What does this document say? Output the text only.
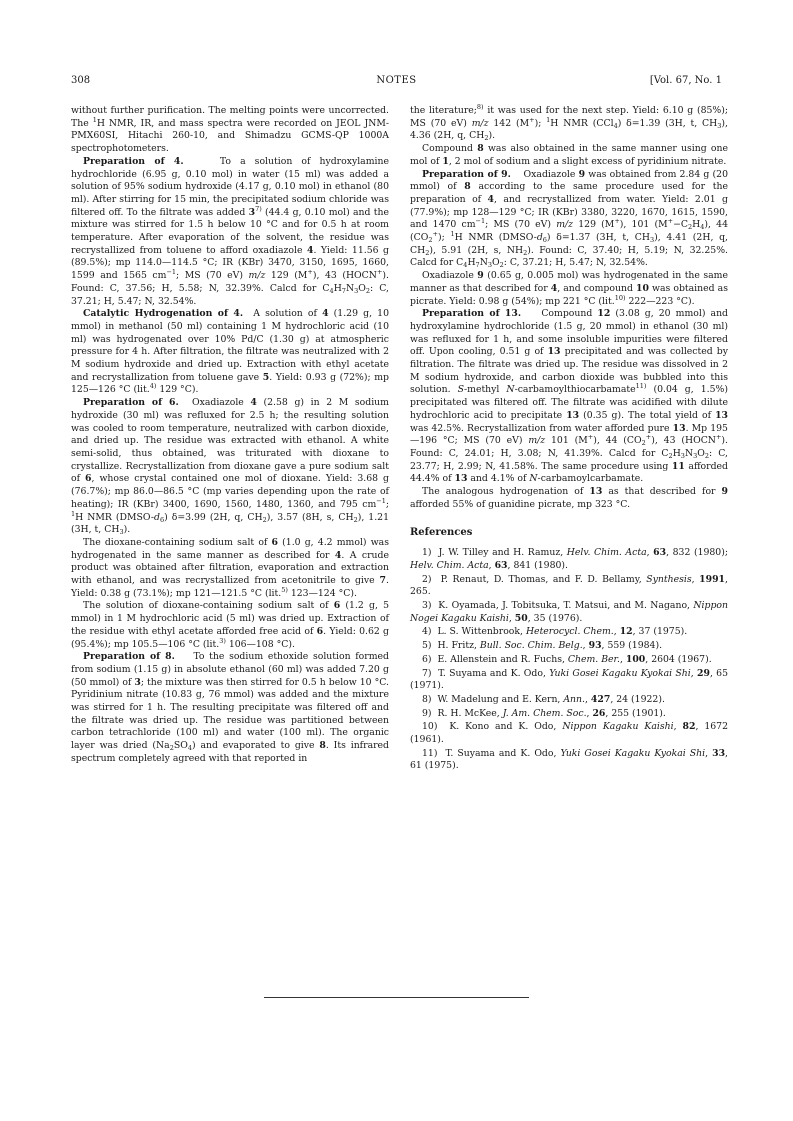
308	NOTES	[Vol. 67, No. 1

without further purification. The melting points were uncorrected. The $^1$H NMR, IR, and mass spectra were recorded on JEOL JNM-PMX60SI, Hitachi 260-10, and Shimadzu GCMS-QP 1000A spectrophotometers.

Preparation of 4.    To a solution of hydroxylamine hydrochloride (6.95 g, 0.10 mol) in water (15 ml) was added a solution of 95% sodium hydroxide (4.17 g, 0.10 mol) in ethanol (80 ml). After stirring for 15 min, the precipitated sodium chloride was filtered off. To the filtrate was added 3$^{7)}$ (44.4 g, 0.10 mol) and the mixture was stirred for 1.5 h below 10 °C and for 0.5 h at room temperature. After evaporation of the solvent, the residue was recrystallized from toluene to afford oxadiazole 4. Yield: 11.56 g (89.5%); mp 114.0—114.5 °C; IR (KBr) 3470, 3150, 1695, 1660, 1599 and 1565 $cm^{-1}$; MS (70 eV) m/z 129 (M+), 43 (HOCN+). Found: C, 37.56; H, 5.58; N, 32.39%. Calcd for $C_4H_7N_3O_2$: C, 37.21; H, 5.47; N, 32.54%.

Catalytic Hydrogenation of 4.  A solution of 4 (1.29 g, 10 mmol) in methanol (50 ml) containing 1 M hydrochloric acid (10 ml) was hydrogenated over 10% Pd/C (1.30 g) at atmospheric pressure for 4 h. After filtration, the filtrate was neutralized with 2 M sodium hydroxide and dried up. Extraction with ethyl acetate and recrystallization from toluene gave 5. Yield: 0.93 g (72%); mp 125—126 °C (lit.$^{4)}$ 129 °C).

Preparation of 6.  Oxadiazole 4 (2.58 g) in 2 M sodium hydroxide (30 ml) was refluxed for 2.5 h; the resulting solution was cooled to room temperature, neutralized with carbon dioxide, and dried up. The residue was extracted with ethanol. A white semi-solid, thus obtained, was triturated with dioxane to crystallize. Recrystallization from dioxane gave a pure sodium salt of 6, whose crystal contained one mol of dioxane. Yield: 3.68 g (76.7%); mp 86.0—86.5 °C (mp varies depending upon the rate of heating); IR (KBr) 3400, 1690, 1560, 1480, 1360, and 795 $cm^{-1}$; $^1$H NMR $(DMSO-d_6)$ δ=3.99 (2H, q, $CH_2$), 3.57 (8H, s, $CH_2$), 1.21 (3H, t, $CH_3$).

The dioxane-containing sodium salt of 6 (1.0 g, 4.2 mmol) was hydrogenated in the same manner as described for 4. A crude product was obtained after filtration, evaporation and extraction with ethanol, and was recrystallized from acetonitrile to give 7. Yield: 0.38 g (73.1%); mp 121—121.5 °C (lit.$^{5)}$ 123—124 °C).

The solution of dioxane-containing sodium salt of 6 (1.2 g, 5 mmol) in 1 M hydrochloric acid (5 ml) was dried up. Extraction of the residue with ethyl acetate afforded free acid of 6. Yield: 0.62 g (95.4%); mp 105.5—106 °C (lit.$^{3)}$ 106—108 °C).

Preparation of 8.    To the sodium ethoxide solution formed from sodium (1.15 g) in absolute ethanol (60 ml) was added 7.20 g (50 mmol) of 3; the mixture was then stirred for 0.5 h below 10 °C. Pyridinium nitrate (10.83 g, 76 mmol) was added and the mixture was stirred for 1 h. The resulting precipitate was filtered off and the filtrate was dried up. The residue was partitioned between carbon tetrachloride (100 ml) and water (100 ml). The organic layer was dried $(Na_2SO_4)$ and evaporated to give 8. Its infrared spectrum completely agreed with that reported in

the literature;$^{8)}$ it was used for the next step. Yield: 6.10 g (85%); MS (70 eV) m/z 142 (M+); $^1$H NMR (CCl$_4$) δ=1.39 (3H, t, $CH_3$), 4.36 (2H, q, $CH_2$).

Compound 8 was also obtained in the same manner using one mol of 1, 2 mol of sodium and a slight excess of pyridinium nitrate.

Preparation of 9.    Oxadiazole 9 was obtained from 2.84 g (20 mmol) of 8 according to the same procedure used for the preparation of 4, and recrystallized from water. Yield: 2.01 g (77.9%); mp 128—129 °C; IR (KBr) 3380, 3220, 1670, 1615, 1590, and 1470 $cm^{-1}$; MS (70 eV) m/z 129 (M+), 101 $(M^+-C_2H_4)$, 44 $(CO_2^+)$; $^1$H NMR $(DMSO-d_6)$ δ=1.37 (3H, t, $CH_3$), 4.41 (2H, q, $CH_2$), 5.91 (2H, s, $NH_2$). Found: C, 37.40; H, 5.19; N, 32.25%. Calcd for $C_4H_7N_3O_2$: C, 37.21; H, 5.47; N, 32.54%.

Oxadiazole 9 (0.65 g, 0.005 mol) was hydrogenated in the same manner as that described for 4, and compound 10 was obtained as picrate. Yield: 0.98 g (54%); mp 221 °C (lit.$^{10)}$ 222—223 °C).

Preparation of 13.    Compound 12 (3.08 g, 20 mmol) and hydroxylamine hydrochloride (1.5 g, 20 mmol) in ethanol (30 ml) was refluxed for 1 h, and some insoluble impurities were filtered off. Upon cooling, 0.51 g of 13 precipitated and was collected by filtration. The filtrate was dried up. The residue was dissolved in 2 M sodium hydroxide, and carbon dioxide was bubbled into this solution. S-methyl N-carbamoylthiocarbamate$^{11)}$ (0.04 g, 1.5%) precipitated was filtered off. The filtrate was acidified with dilute hydrochloric acid to precipitate 13 (0.35 g). The total yield of 13 was 42.5%. Recrystallization from water afforded pure 13. Mp 195—196 °C; MS (70 eV) m/z 101 (M+), 44 $(CO_2^+)$, 43 (HOCN+). Found: C, 24.01; H, 3.08; N, 41.39%. Calcd for $C_2H_3N_3O_2$: C, 23.77; H, 2.99; N, 41.58%. The same procedure using 11 afforded 44.4% of 13 and 4.1% of N-carbamoylcarbamate.

The analogous hydrogenation of 13 as that described for 9 afforded 55% of guanidine picrate, mp 323 °C.

References
1)  J. W. Tilley and H. Ramuz, Helv. Chim. Acta, 63, 832 (1980); Helv. Chim. Acta, 63, 841 (1980).
2)  P. Renaut, D. Thomas, and F. D. Bellamy, Synthesis, 1991, 265.
3)  K. Oyamada, J. Tobitsuka, T. Matsui, and M. Nagano, Nippon Nogei Kagaku Kaishi, 50, 35 (1976).
4)  L. S. Wittenbrook, Heterocycl. Chem., 12, 37 (1975).
5)  H. Fritz, Bull. Soc. Chim. Belg., 93, 559 (1984).
6)  E. Allenstein and R. Fuchs, Chem. Ber., 100, 2604 (1967).
7)  T. Suyama and K. Odo, Yuki Gosei Kagaku Kyokai Shi, 29, 65 (1971).
8)  W. Madelung and E. Kern, Ann., 427, 24 (1922).
9)  R. H. McKee, J. Am. Chem. Soc., 26, 255 (1901).
10)  K. Kono and K. Odo, Nippon Kagaku Kaishi, 82, 1672 (1961).
11)  T. Suyama and K. Odo, Yuki Gosei Kagaku Kyokai Shi, 33, 61 (1975).
